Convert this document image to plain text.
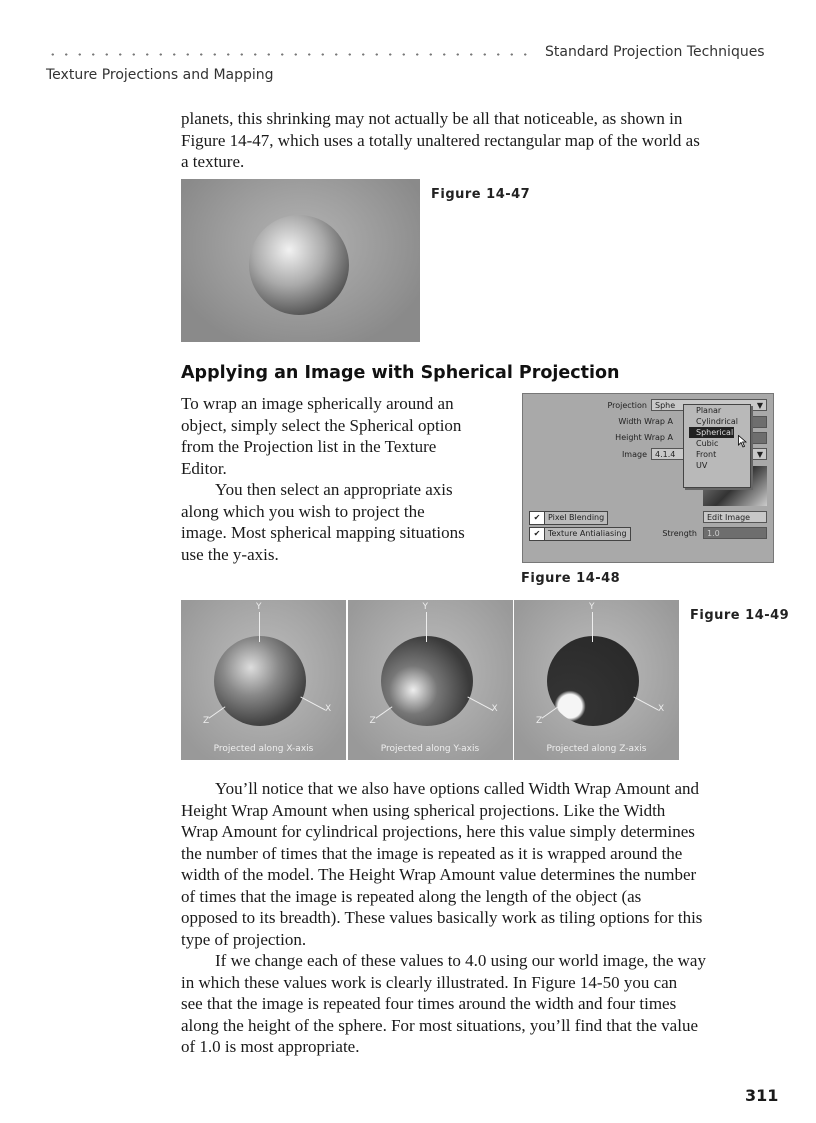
Standard Projection Techniques
Texture Projections and Mapping
planets, this shrinking may not actually be all that noticeable, as shown in
Figure 14-47, which uses a totally unaltered rectangular map of the world as
a texture.
Figure 14-47
Applying an Image with Spherical Projection
To wrap an image spherically around an
object, simply select the Spherical option
from the Projection list in the Texture
Editor.
You then select an appropriate axis
along which you wish to project the
image. Most spherical mapping situations
use the y-axis.
Projection	Sphe	▼
Width Wrap A
Height Wrap A
Image	4.1.4	▼
Planar
Cylindrical
Spherical
Cubic
Front
UV
✔ Pixel Blending
✔ Texture Antialiasing
Edit Image
Strength	1.0
Figure 14-48
Y
X
Z
Projected along X-axis
Y
X
Z
Projected along Y-axis
Y
X
Z
Projected along Z-axis
Figure 14-49
You’ll notice that we also have options called Width Wrap Amount and
Height Wrap Amount when using spherical projections. Like the Width
Wrap Amount for cylindrical projections, here this value simply determines
the number of times that the image is repeated as it is wrapped around the
width of the model. The Height Wrap Amount value determines the number
of times that the image is repeated along the length of the object (as
opposed to its breadth). These values basically work as tiling options for this
type of projection.
If we change each of these values to 4.0 using our world image, the way
in which these values work is clearly illustrated. In Figure 14-50 you can
see that the image is repeated four times around the width and four times
along the height of the sphere. For most situations, you’ll find that the value
of 1.0 is most appropriate.
311
